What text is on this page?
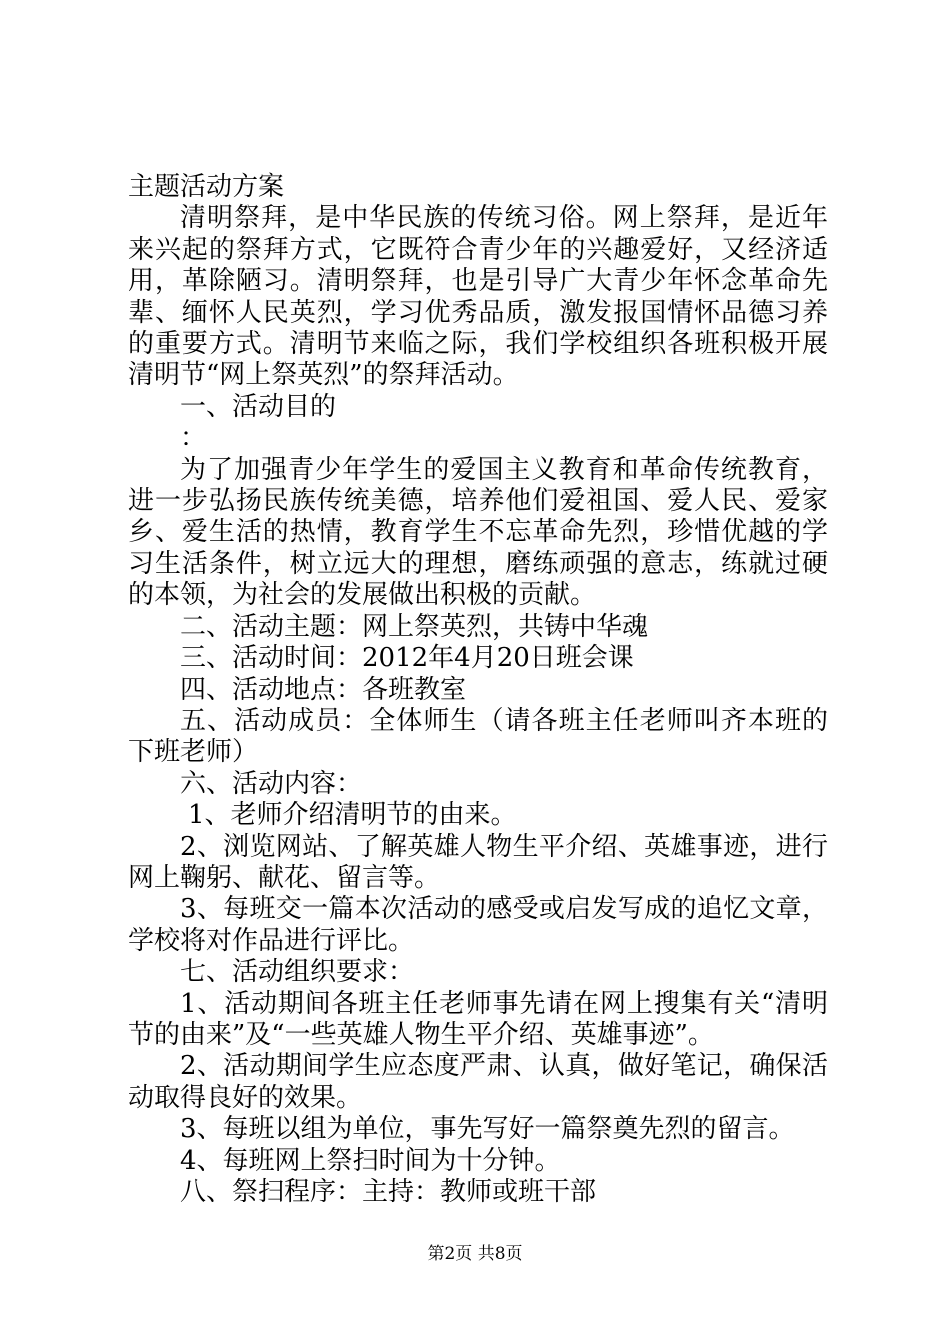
主题活动方案

清明祭拜，是中华民族的传统习俗。网上祭拜，是近年来兴起的祭拜方式，它既符合青少年的兴趣爱好，又经济适用，革除陋习。清明祭拜，也是引导广大青少年怀念革命先辈、缅怀人民英烈，学习优秀品质，激发报国情怀品德习养的重要方式。清明节来临之际，我们学校组织各班积极开展清明节“网上祭英烈”的祭拜活动。

一、活动目的

：

为了加强青少年学生的爱国主义教育和革命传统教育，进一步弘扬民族传统美德，培养他们爱祖国、爱人民、爱家乡、爱生活的热情，教育学生不忘革命先烈，珍惜优越的学习生活条件，树立远大的理想，磨练顽强的意志，练就过硬的本领，为社会的发展做出积极的贡献。

二、活动主题：网上祭英烈，共铸中华魂

三、活动时间：2012年4月20日班会课

四、活动地点：各班教室

五、活动成员：全体师生（请各班主任老师叫齐本班的下班老师）

六、活动内容：

1、老师介绍清明节的由来。

2、浏览网站、了解英雄人物生平介绍、英雄事迹，进行网上鞠躬、献花、留言等。

3、每班交一篇本次活动的感受或启发写成的追忆文章，学校将对作品进行评比。

七、活动组织要求：

1、活动期间各班主任老师事先请在网上搜集有关“清明节的由来”及“一些英雄人物生平介绍、英雄事迹”。

2、活动期间学生应态度严肃、认真，做好笔记，确保活动取得良好的效果。

3、每班以组为单位，事先写好一篇祭奠先烈的留言。

4、每班网上祭扫时间为十分钟。

八、祭扫程序：主持：教师或班干部

第2页 共8页
